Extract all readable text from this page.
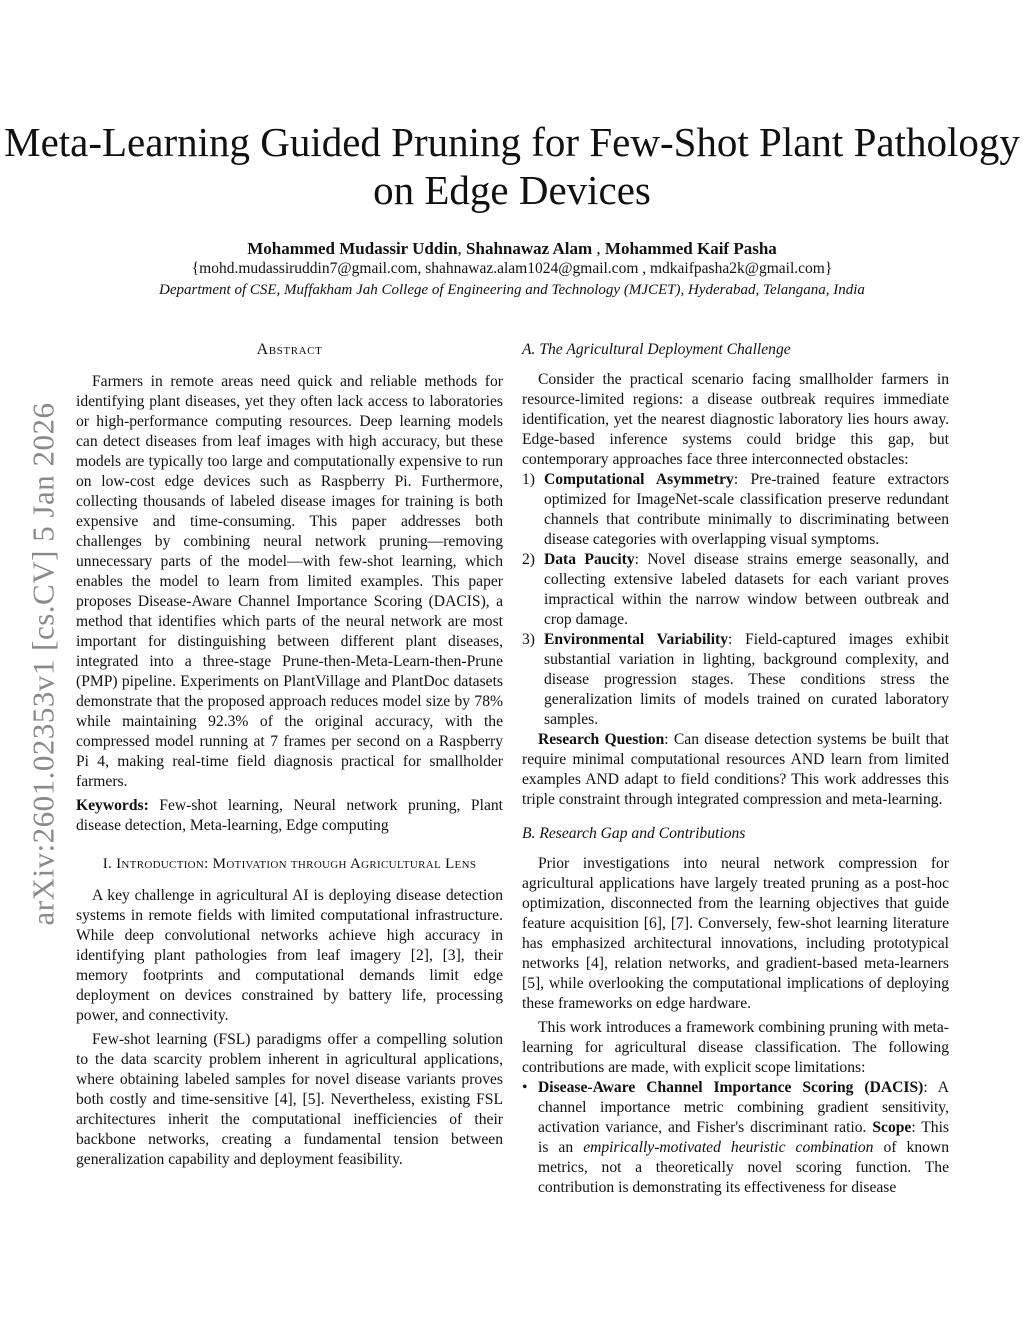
arXiv:2601.02353v1 [cs.CV] 5 Jan 2026
Meta-Learning Guided Pruning for Few-Shot Plant Pathology on Edge Devices
Mohammed Mudassir Uddin, Shahnawaz Alam , Mohammed Kaif Pasha
{mohd.mudassiruddin7@gmail.com, shahnawaz.alam1024@gmail.com , mdkaifpasha2k@gmail.com}
Department of CSE, Muffakham Jah College of Engineering and Technology (MJCET), Hyderabad, Telangana, India
Abstract

Farmers in remote areas need quick and reliable methods for identifying plant diseases, yet they often lack access to laboratories or high-performance computing resources. Deep learning models can detect diseases from leaf images with high accuracy, but these models are typically too large and computationally expensive to run on low-cost edge devices such as Raspberry Pi. Furthermore, collecting thousands of labeled disease images for training is both expensive and time-consuming. This paper addresses both challenges by combining neural network pruning—removing unnecessary parts of the model—with few-shot learning, which enables the model to learn from limited examples. This paper proposes Disease-Aware Channel Importance Scoring (DACIS), a method that identifies which parts of the neural network are most important for distinguishing between different plant diseases, integrated into a three-stage Prune-then-Meta-Learn-then-Prune (PMP) pipeline. Experiments on PlantVillage and PlantDoc datasets demonstrate that the proposed approach reduces model size by 78% while maintaining 92.3% of the original accuracy, with the compressed model running at 7 frames per second on a Raspberry Pi 4, making real-time field diagnosis practical for smallholder farmers.

Keywords: Few-shot learning, Neural network pruning, Plant disease detection, Meta-learning, Edge computing

I. Introduction: Motivation through Agricultural Lens

A key challenge in agricultural AI is deploying disease detection systems in remote fields with limited computational infrastructure. While deep convolutional networks achieve high accuracy in identifying plant pathologies from leaf imagery [2], [3], their memory footprints and computational demands limit edge deployment on devices constrained by battery life, processing power, and connectivity.

Few-shot learning (FSL) paradigms offer a compelling solution to the data scarcity problem inherent in agricultural applications, where obtaining labeled samples for novel disease variants proves both costly and time-sensitive [4], [5]. Nevertheless, existing FSL architectures inherit the computational inefficiencies of their backbone networks, creating a fundamental tension between generalization capability and deployment feasibility.

A. The Agricultural Deployment Challenge

Consider the practical scenario facing smallholder farmers in resource-limited regions: a disease outbreak requires immediate identification, yet the nearest diagnostic laboratory lies hours away. Edge-based inference systems could bridge this gap, but contemporary approaches face three interconnected obstacles:

1) Computational Asymmetry: Pre-trained feature extractors optimized for ImageNet-scale classification preserve redundant channels that contribute minimally to discriminating between disease categories with overlapping visual symptoms.
2) Data Paucity: Novel disease strains emerge seasonally, and collecting extensive labeled datasets for each variant proves impractical within the narrow window between outbreak and crop damage.
3) Environmental Variability: Field-captured images exhibit substantial variation in lighting, background complexity, and disease progression stages. These conditions stress the generalization limits of models trained on curated laboratory samples.

Research Question: Can disease detection systems be built that require minimal computational resources AND learn from limited examples AND adapt to field conditions? This work addresses this triple constraint through integrated compression and meta-learning.

B. Research Gap and Contributions

Prior investigations into neural network compression for agricultural applications have largely treated pruning as a post-hoc optimization, disconnected from the learning objectives that guide feature acquisition [6], [7]. Conversely, few-shot learning literature has emphasized architectural innovations, including prototypical networks [4], relation networks, and gradient-based meta-learners [5], while overlooking the computational implications of deploying these frameworks on edge hardware.

This work introduces a framework combining pruning with meta-learning for agricultural disease classification. The following contributions are made, with explicit scope limitations:

• Disease-Aware Channel Importance Scoring (DACIS): A channel importance metric combining gradient sensitivity, activation variance, and Fisher's discriminant ratio. Scope: This is an empirically-motivated heuristic combination of known metrics, not a theoretically novel scoring function. The contribution is demonstrating its effectiveness for disease
